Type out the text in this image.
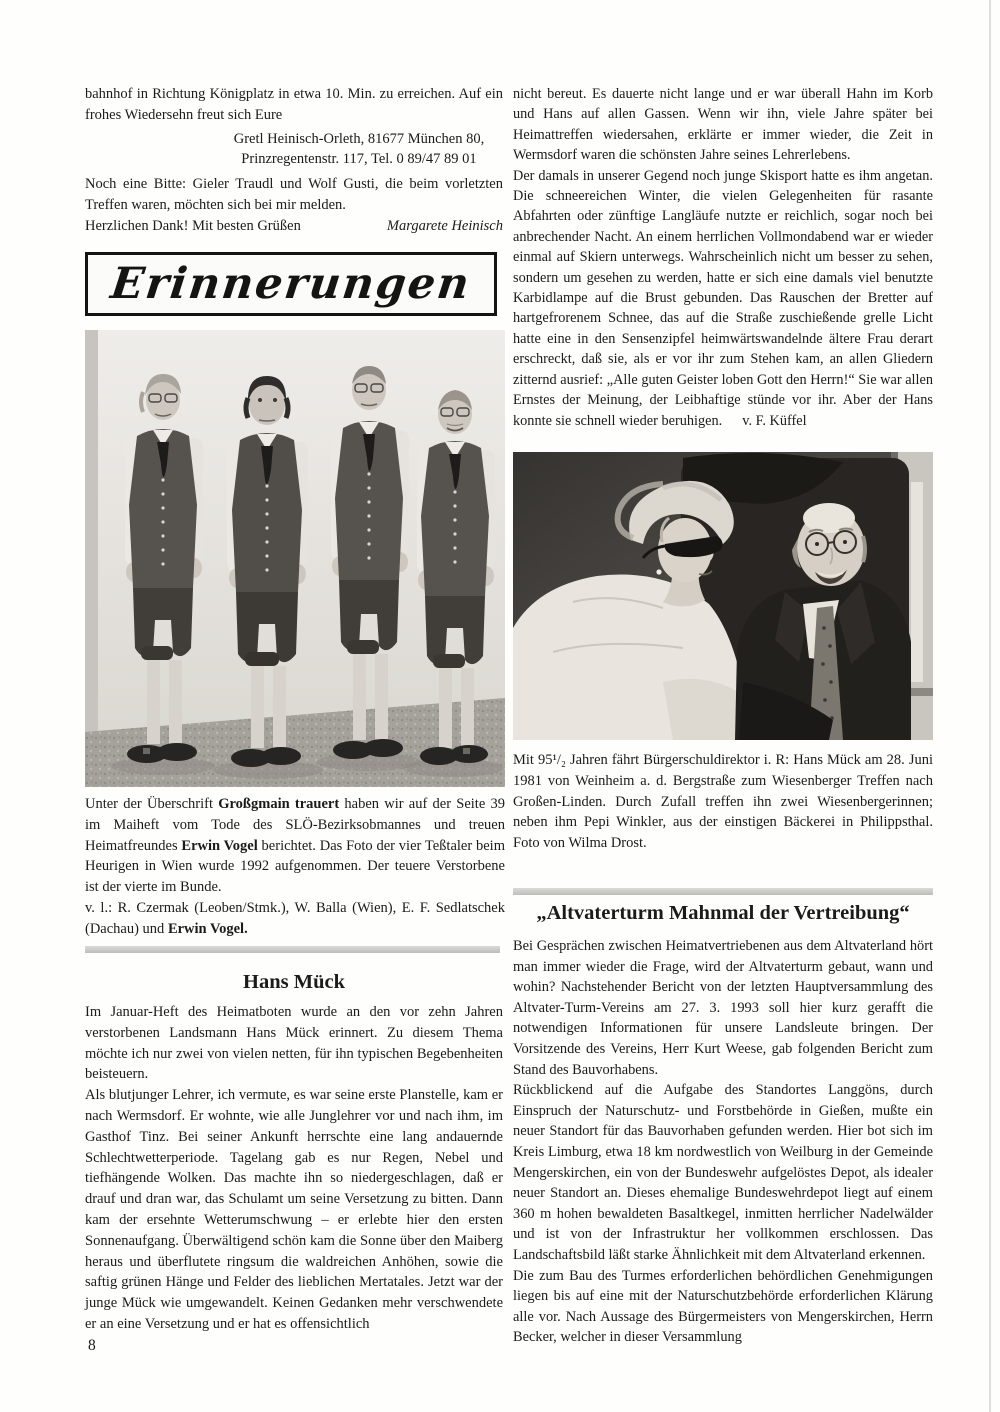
bahnhof in Richtung Königplatz in etwa 10. Min. zu erreichen. Auf ein frohes Wiedersehn freut sich Eure

Gretl Heinisch-Orleth, 81677 München 80,
Prinzregentenstr. 117, Tel. 0 89/47 89 01

Noch eine Bitte: Gieler Traudl und Wolf Gusti, die beim vorletzten Treffen waren, möchten sich bei mir melden.

Herzlichen Dank! Mit besten Grüßen	Margarete Heinisch
Erinnerungen

Unter der Überschrift Großgmain trauert haben wir auf der Seite 39 im Maiheft vom Tode des SLÖ-Bezirksobmannes und treuen Heimatfreundes Erwin Vogel berichtet. Das Foto der vier Teßtaler beim Heurigen in Wien wurde 1992 aufgenommen. Der teuere Verstorbene ist der vierte im Bunde.

v. l.: R. Czermak (Leoben/Stmk.), W. Balla (Wien), E. F. Sedlatschek (Dachau) und Erwin Vogel.

Hans Mück

Im Januar-Heft des Heimatboten wurde an den vor zehn Jahren verstorbenen Landsmann Hans Mück erinnert. Zu diesem Thema möchte ich nur zwei von vielen netten, für ihn typischen Begebenheiten beisteuern.

Als blutjunger Lehrer, ich vermute, es war seine erste Planstelle, kam er nach Wermsdorf. Er wohnte, wie alle Junglehrer vor und nach ihm, im Gasthof Tinz. Bei seiner Ankunft herrschte eine lang andauernde Schlechtwetterperiode. Tagelang gab es nur Regen, Nebel und tiefhängende Wolken. Das machte ihn so niedergeschlagen, daß er drauf und dran war, das Schulamt um seine Versetzung zu bitten. Dann kam der ersehnte Wetterumschwung – er erlebte hier den ersten Sonnenaufgang. Überwältigend schön kam die Sonne über den Maiberg heraus und überflutete ringsum die waldreichen Anhöhen, sowie die saftig grünen Hänge und Felder des lieblichen Mertatales. Jetzt war der junge Mück wie umgewandelt. Keinen Gedanken mehr verschwendete er an eine Versetzung und er hat es offensichtlich

8

nicht bereut. Es dauerte nicht lange und er war überall Hahn im Korb und Hans auf allen Gassen. Wenn wir ihn, viele Jahre später bei Heimattreffen wiedersahen, erklärte er immer wieder, die Zeit in Wermsdorf waren die schönsten Jahre seines Lehrerlebens.

Der damals in unserer Gegend noch junge Skisport hatte es ihm angetan. Die schneereichen Winter, die vielen Gelegenheiten für rasante Abfahrten oder zünftige Langläufe nutzte er reichlich, sogar noch bei anbrechender Nacht. An einem herrlichen Vollmondabend war er wieder einmal auf Skiern unterwegs. Wahrscheinlich nicht um besser zu sehen, sondern um gesehen zu werden, hatte er sich eine damals viel benutzte Karbidlampe auf die Brust gebunden. Das Rauschen der Bretter auf hartgefrorenem Schnee, das auf die Straße zuschießende grelle Licht hatte eine in den Sensenzipfel heimwärtswandelnde ältere Frau derart erschreckt, daß sie, als er vor ihr zum Stehen kam, an allen Gliedern zitternd ausrief: „Alle guten Geister loben Gott den Herrn!“ Sie war allen Ernstes der Meinung, der Leibhaftige stünde vor ihr. Aber der Hans konnte sie schnell wieder beruhigen. v. F. Küffel

Mit 95¹/₂ Jahren fährt Bürgerschuldirektor i. R: Hans Mück am 28. Juni 1981 von Weinheim a. d. Bergstraße zum Wiesenberger Treffen nach Großen-Linden. Durch Zufall treffen ihn zwei Wiesenbergerinnen; neben ihm Pepi Winkler, aus der einstigen Bäckerei in Philippsthal. Foto von Wilma Drost.
„Altvaterturm Mahnmal der Vertreibung“

Bei Gesprächen zwischen Heimatvertriebenen aus dem Altvaterland hört man immer wieder die Frage, wird der Altvaterturm gebaut, wann und wohin? Nachstehender Bericht von der letzten Hauptversammlung des Altvater-Turm-Vereins am 27. 3. 1993 soll hier kurz gerafft die notwendigen Informationen für unsere Landsleute bringen. Der Vorsitzende des Vereins, Herr Kurt Weese, gab folgenden Bericht zum Stand des Bauvorhabens.

Rückblickend auf die Aufgabe des Standortes Langgöns, durch Einspruch der Naturschutz- und Forstbehörde in Gießen, mußte ein neuer Standort für das Bauvorhaben gefunden werden. Hier bot sich im Kreis Limburg, etwa 18 km nordwestlich von Weilburg in der Gemeinde Mengerskirchen, ein von der Bundeswehr aufgelöstes Depot, als idealer neuer Standort an. Dieses ehemalige Bundeswehrdepot liegt auf einem 360 m hohen bewaldeten Basaltkegel, inmitten herrlicher Nadelwälder und ist von der Infrastruktur her vollkommen erschlossen. Das Landschaftsbild läßt starke Ähnlichkeit mit dem Altvaterland erkennen.

Die zum Bau des Turmes erforderlichen behördlichen Genehmigungen liegen bis auf eine mit der Naturschutzbehörde erforderlichen Klärung alle vor. Nach Aussage des Bürgermeisters von Mengerskirchen, Herrn Becker, welcher in dieser Versammlung
